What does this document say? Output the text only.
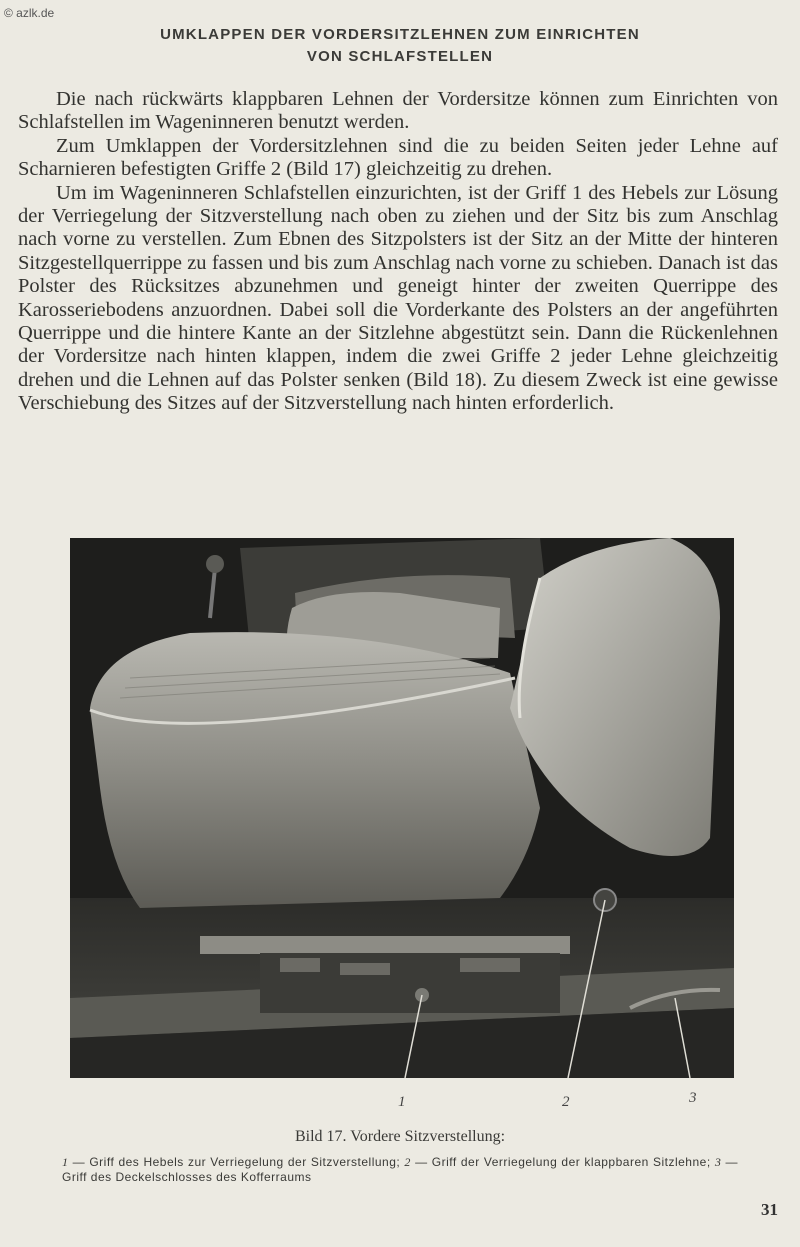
© azlk.de
UMKLAPPEN DER VORDERSITZLEHNEN ZUM EINRICHTEN
VON SCHLAFSTELLEN

Die nach rückwärts klappbaren Lehnen der Vordersitze können zum Einrichten von Schlafstellen im Wageninneren benutzt werden.

Zum Umklappen der Vordersitzlehnen sind die zu beiden Seiten jeder Lehne auf Scharnieren befestigten Griffe 2 (Bild 17) gleichzeitig zu drehen.

Um im Wageninneren Schlafstellen einzurichten, ist der Griff 1 des Hebels zur Lösung der Verriegelung der Sitzverstellung nach oben zu ziehen und der Sitz bis zum Anschlag nach vorne zu verstellen. Zum Ebnen des Sitzpolsters ist der Sitz an der Mitte der hinteren Sitzgestellquerrippe zu fassen und bis zum Anschlag nach vorne zu schieben. Danach ist das Polster des Rücksitzes abzunehmen und geneigt hinter der zweiten Querrippe des Karosseriebodens anzuordnen. Dabei soll die Vorderkante des Polsters an der angeführten Querrippe und die hintere Kante an der Sitzlehne abgestützt sein. Dann die Rückenlehnen der Vordersitze nach hinten klappen, indem die zwei Griffe 2 jeder Lehne gleichzeitig drehen und die Lehnen auf das Polster senken (Bild 18). Zu diesem Zweck ist eine gewisse Verschiebung des Sitzes auf der Sitzverstellung nach hinten erforderlich.

1	2	3
Bild 17. Vordere Sitzverstellung:
1 — Griff des Hebels zur Verriegelung der Sitzverstellung; 2 — Griff der Verriegelung der klappbaren Sitzlehne; 3 — Griff des Deckelschlosses des Kofferraums
31
